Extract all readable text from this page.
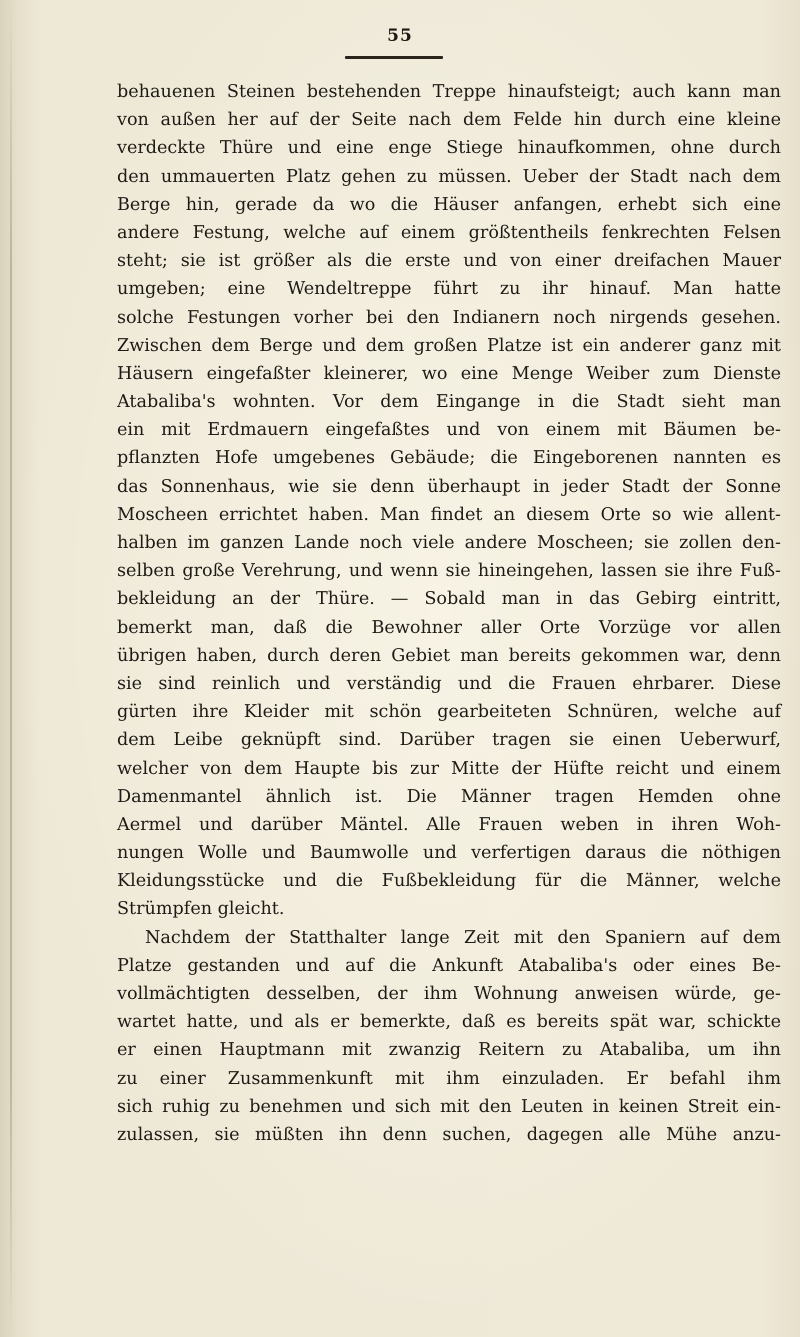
55
behauenen Steinen bestehenden Treppe hinaufsteigt; auch kann man
von außen her auf der Seite nach dem Felde hin durch eine kleine
verdeckte Thüre und eine enge Stiege hinaufkommen, ohne durch
den ummauerten Platz gehen zu müssen. Ueber der Stadt nach dem
Berge hin, gerade da wo die Häuser anfangen, erhebt sich eine
andere Festung, welche auf einem größtentheils fenkrechten Felsen
steht; sie ist größer als die erste und von einer dreifachen Mauer
umgeben; eine Wendeltreppe führt zu ihr hinauf. Man hatte
solche Festungen vorher bei den Indianern noch nirgends gesehen.
Zwischen dem Berge und dem großen Platze ist ein anderer ganz mit
Häusern eingefaßter kleinerer, wo eine Menge Weiber zum Dienste
Atabaliba's wohnten. Vor dem Eingange in die Stadt sieht man
ein mit Erdmauern eingefaßtes und von einem mit Bäumen be-
pflanzten Hofe umgebenes Gebäude; die Eingeborenen nannten es
das Sonnenhaus, wie sie denn überhaupt in jeder Stadt der Sonne
Moscheen errichtet haben. Man findet an diesem Orte so wie allent-
halben im ganzen Lande noch viele andere Moscheen; sie zollen den-
selben große Verehrung, und wenn sie hineingehen, lassen sie ihre Fuß-
bekleidung an der Thüre. — Sobald man in das Gebirg eintritt,
bemerkt man, daß die Bewohner aller Orte Vorzüge vor allen
übrigen haben, durch deren Gebiet man bereits gekommen war, denn
sie sind reinlich und verständig und die Frauen ehrbarer. Diese
gürten ihre Kleider mit schön gearbeiteten Schnüren, welche auf
dem Leibe geknüpft sind. Darüber tragen sie einen Ueberwurf,
welcher von dem Haupte bis zur Mitte der Hüfte reicht und einem
Damenmantel ähnlich ist. Die Männer tragen Hemden ohne
Aermel und darüber Mäntel. Alle Frauen weben in ihren Woh-
nungen Wolle und Baumwolle und verfertigen daraus die nöthigen
Kleidungsstücke und die Fußbekleidung für die Männer, welche
Strümpfen gleicht.
Nachdem der Statthalter lange Zeit mit den Spaniern auf dem
Platze gestanden und auf die Ankunft Atabaliba's oder eines Be-
vollmächtigten desselben, der ihm Wohnung anweisen würde, ge-
wartet hatte, und als er bemerkte, daß es bereits spät war, schickte
er einen Hauptmann mit zwanzig Reitern zu Atabaliba, um ihn
zu einer Zusammenkunft mit ihm einzuladen. Er befahl ihm
sich ruhig zu benehmen und sich mit den Leuten in keinen Streit ein-
zulassen, sie müßten ihn denn suchen, dagegen alle Mühe anzu-
